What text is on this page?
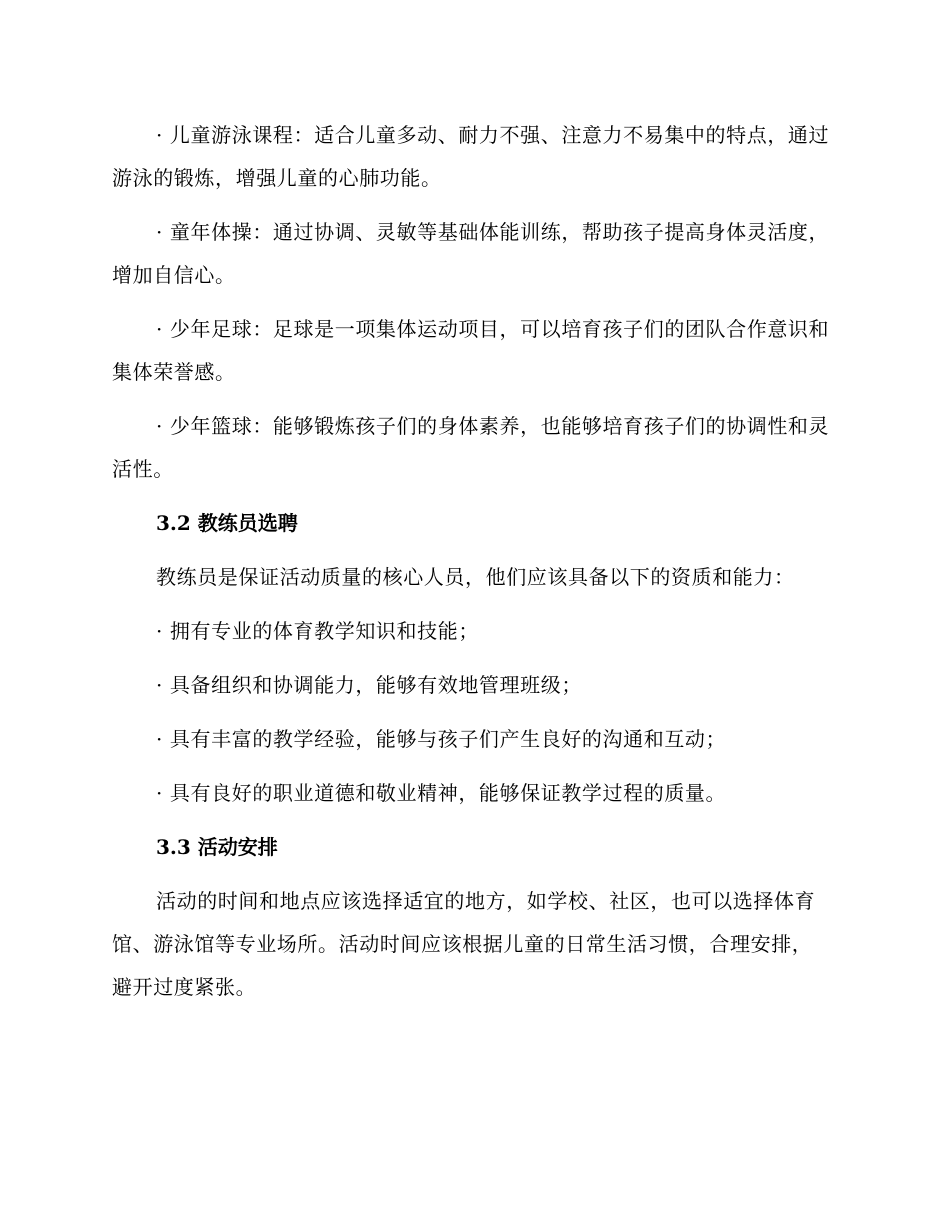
· 儿童游泳课程：适合儿童多动、耐力不强、注意力不易集中的特点，通过游泳的锻炼，增强儿童的心肺功能。

· 童年体操：通过协调、灵敏等基础体能训练，帮助孩子提高身体灵活度，增加自信心。

· 少年足球：足球是一项集体运动项目，可以培育孩子们的团队合作意识和集体荣誉感。

· 少年篮球：能够锻炼孩子们的身体素养，也能够培育孩子们的协调性和灵活性。

3.2 教练员选聘

教练员是保证活动质量的核心人员，他们应该具备以下的资质和能力：

· 拥有专业的体育教学知识和技能；

· 具备组织和协调能力，能够有效地管理班级；

· 具有丰富的教学经验，能够与孩子们产生良好的沟通和互动；

· 具有良好的职业道德和敬业精神，能够保证教学过程的质量。

3.3 活动安排

活动的时间和地点应该选择适宜的地方，如学校、社区，也可以选择体育馆、游泳馆等专业场所。活动时间应该根据儿童的日常生活习惯，合理安排，避开过度紧张。
